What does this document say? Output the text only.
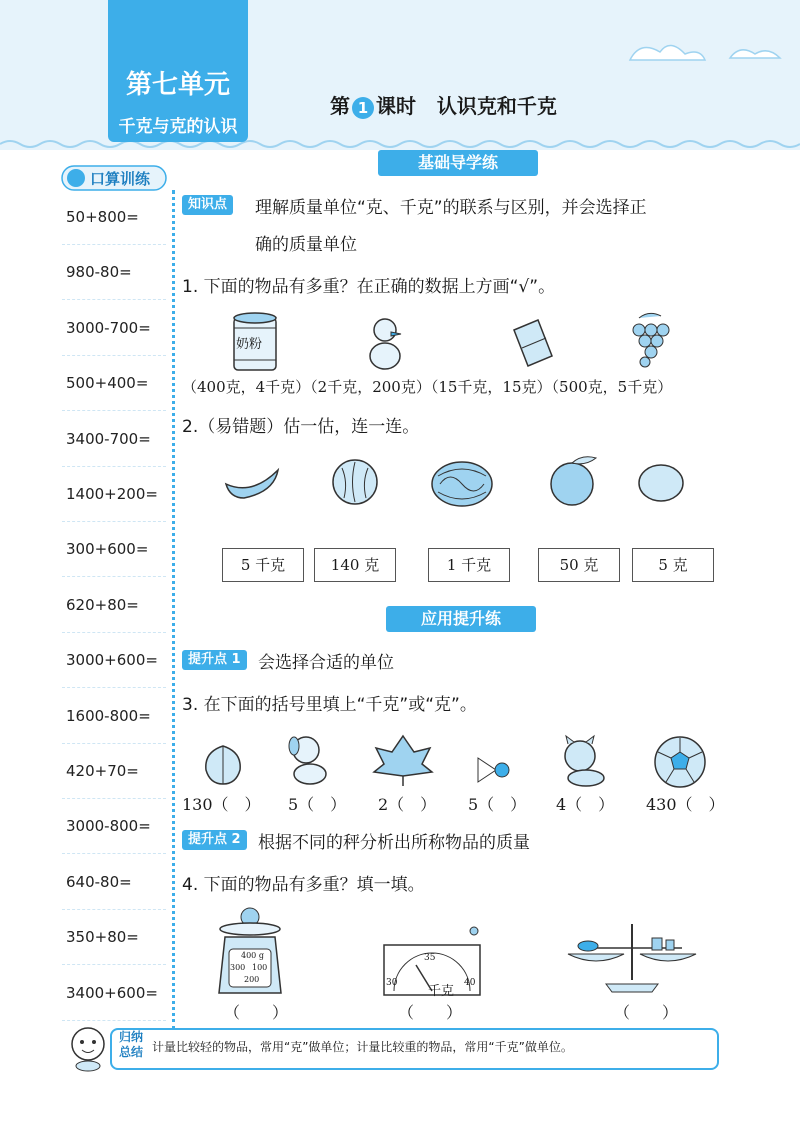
第七单元
千克与克的认识
第 1 课时 认识克和千克
口算训练
50+800=
980-80=
3000-700=
500+400=
3400-700=
1400+200=
300+600=
620+80=
3000+600=
1600-800=
420+70=
3000-800=
640-80=
350+80=
3400+600=
基础导学练
知识点	理解质量单位“克、千克”的联系与区别，并会选择正
确的质量单位
1. 下面的物品有多重？在正确的数据上方画“√”。
奶粉
（400克，4千克）（2千克，200克）（15千克，15克）（500克，5千克）
2.（易错题）估一估，连一连。
5 千克	140 克	1 千克	50 克	5 克
应用提升练
提升点 1	会选择合适的单位
3. 在下面的括号里填上“千克”或“克”。
130（　） 5（　） 2（　） 5（　） 4（　） 430（　）
提升点 2	根据不同的秤分析出所称物品的质量
4. 下面的物品有多重？填一填。
400 g
300 100
200
35
30	40
千克
（　　）	（　　）	（　　）
归纳
总结 计量比较轻的物品，常用“克”做单位；计量比较重的物品，常用“千克”做单位。
